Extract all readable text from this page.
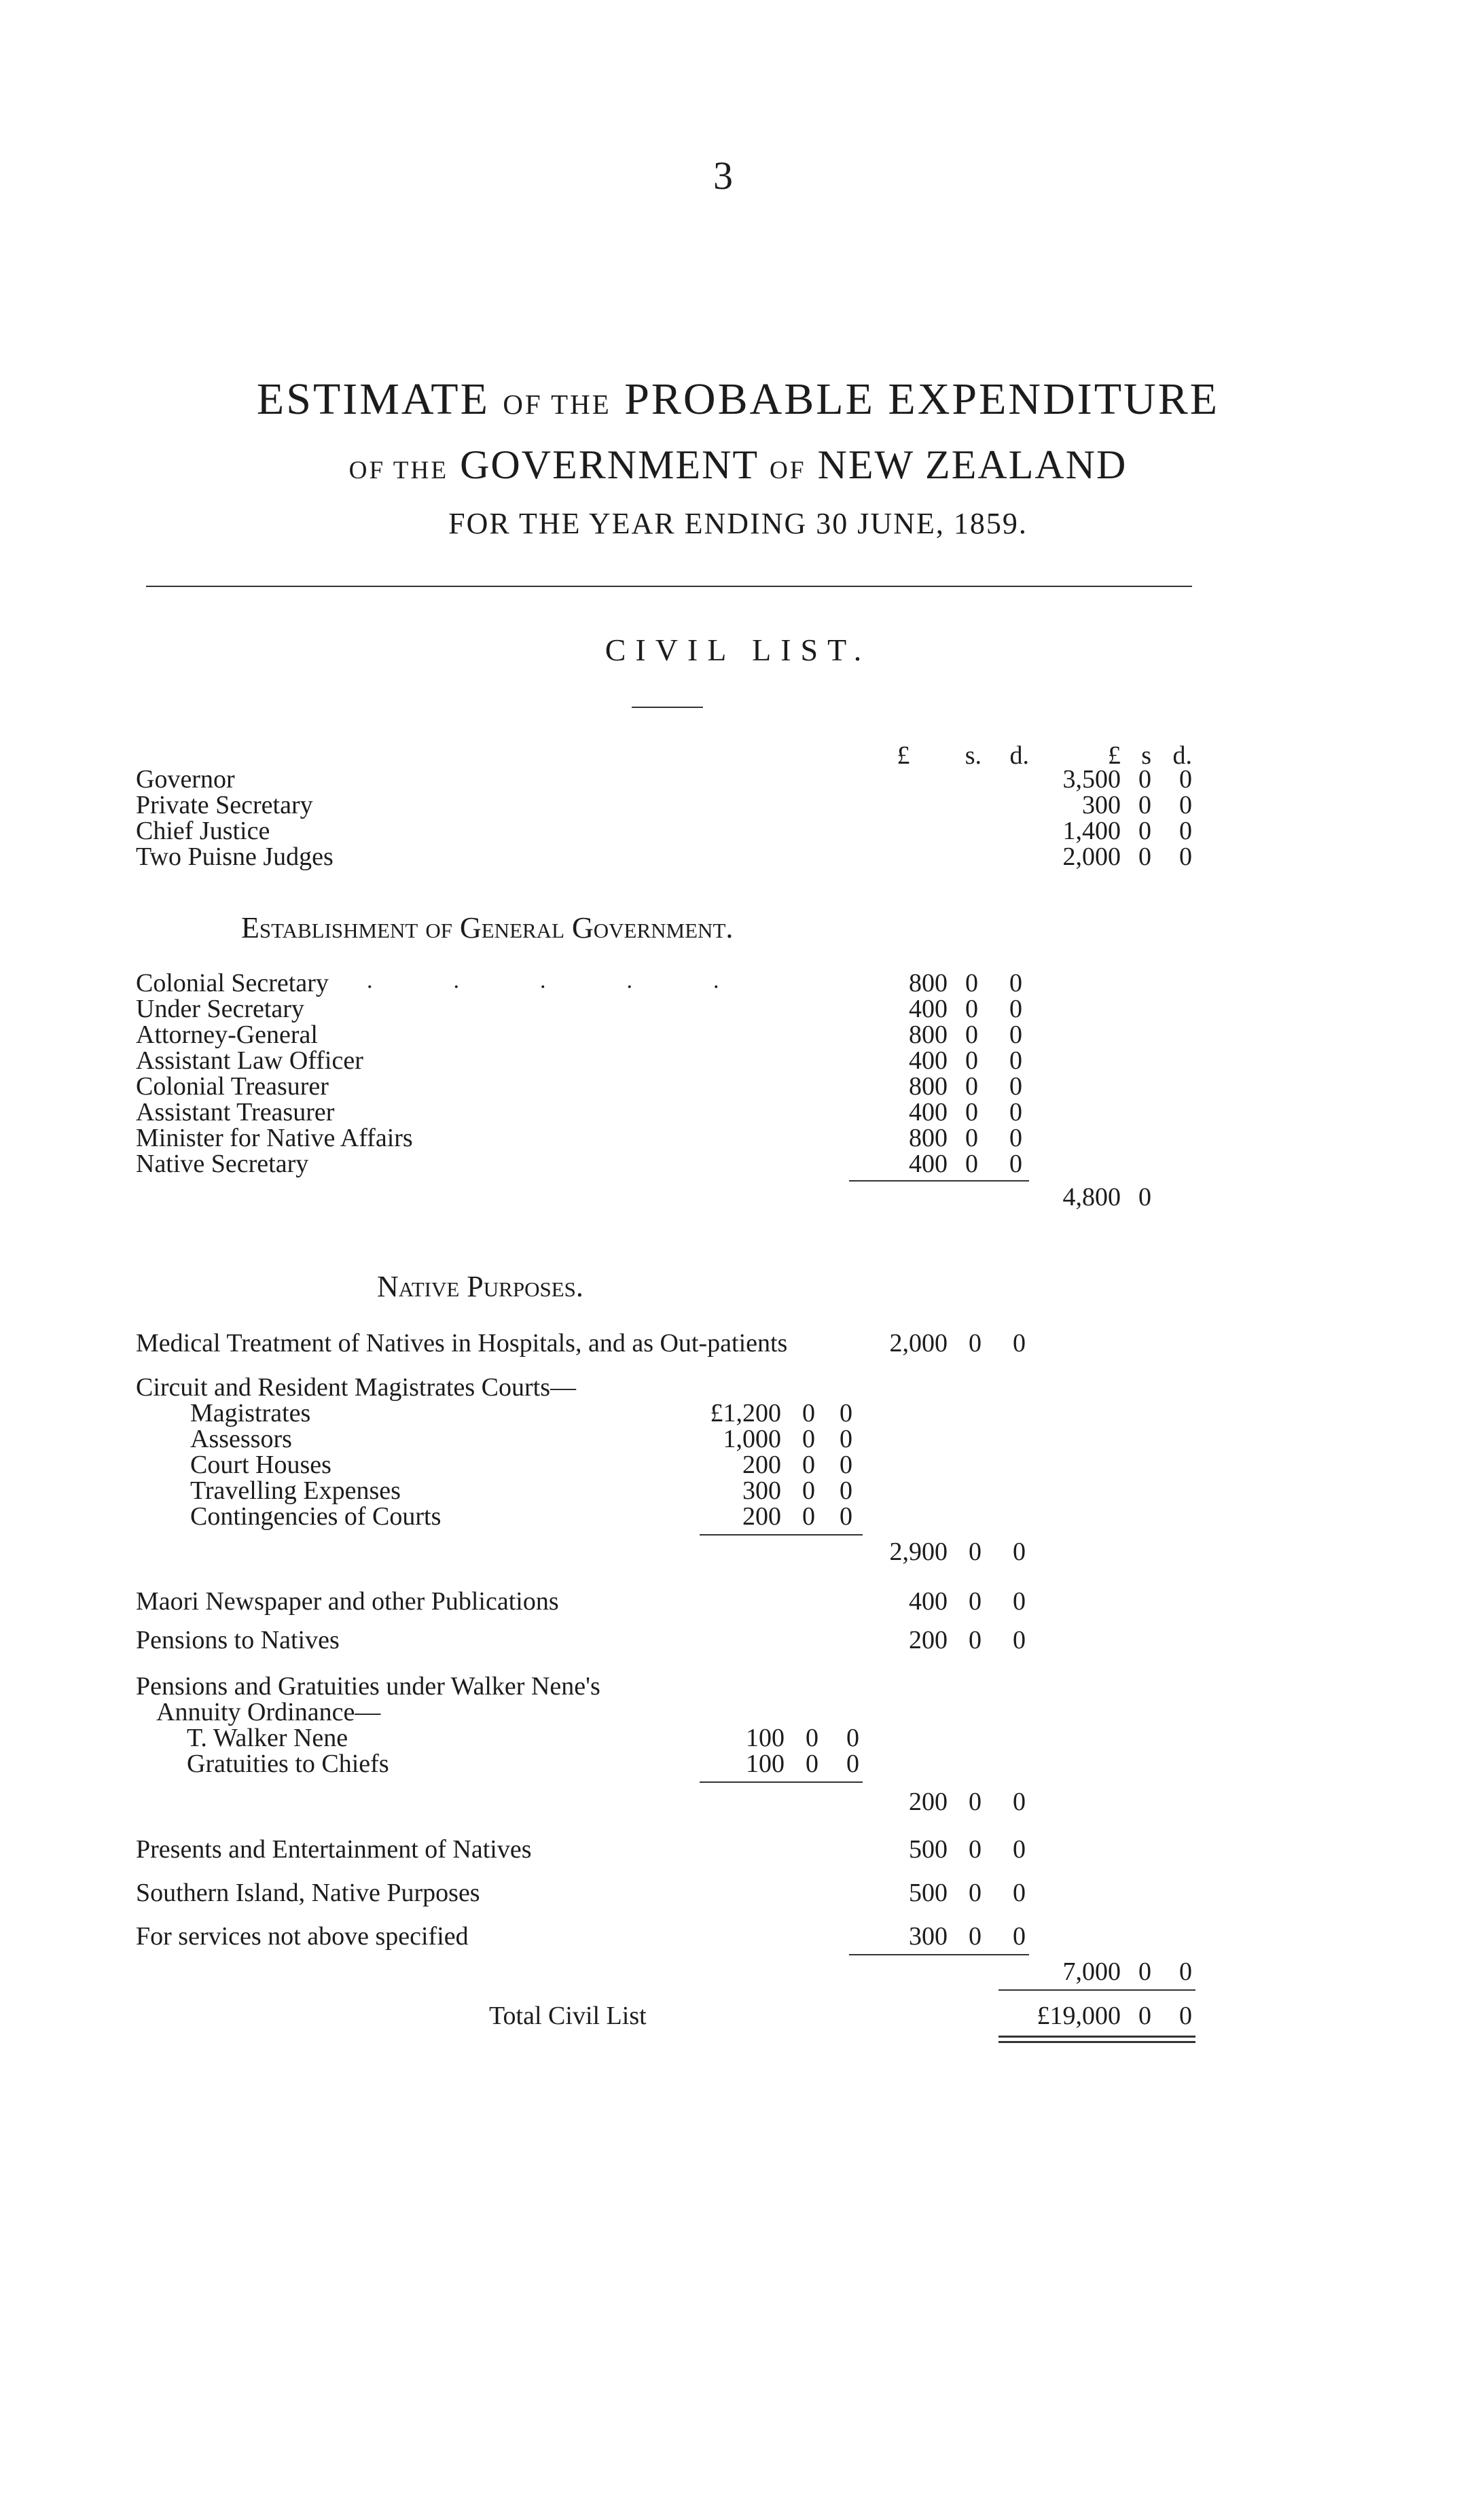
3
ESTIMATE OF THE PROBABLE EXPENDITURE
OF THE GOVERNMENT OF NEW ZEALAND
FOR THE YEAR ENDING 30 JUNE, 1859.
CIVIL LIST.
£	s.	d.	£ s d.
Governor	3,500 0 0
Private Secretary	300 0 0
Chief Justice	1,400 0 0
Two Puisne Judges	2,000 0 0
Establishment of General Government.
Colonial Secretary	800 0 0
Under Secretary	400 0 0
Attorney-General	800 0 0
Assistant Law Officer	400 0 0
Colonial Treasurer	800 0 0
Assistant Treasurer	400 0 0
Minister for Native Affairs	800 0 0
Native Secretary	400 0 0
.              .              .              .              .
4,800 0
Native Purposes.
Medical Treatment of Natives in Hospitals, and as Out-patients	2,000 0 0
Circuit and Resident Magistrates Courts—
Magistrates	£1,200 0 0
Assessors	1,000 0 0
Court Houses	200 0 0
Travelling Expenses	300 0 0
Contingencies of Courts	200 0 0
2,900 0 0
Maori Newspaper and other Publications	400 0 0
Pensions to Natives	200 0 0
Pensions and Gratuities under Walker Nene's
Annuity Ordinance—
T. Walker Nene	100 0 0
Gratuities to Chiefs	100 0 0
200 0 0
Presents and Entertainment of Natives	500 0 0
Southern Island, Native Purposes	500 0 0
For services not above specified	300 0 0
7,000 0 0
Total Civil List	£19,000 0 0
